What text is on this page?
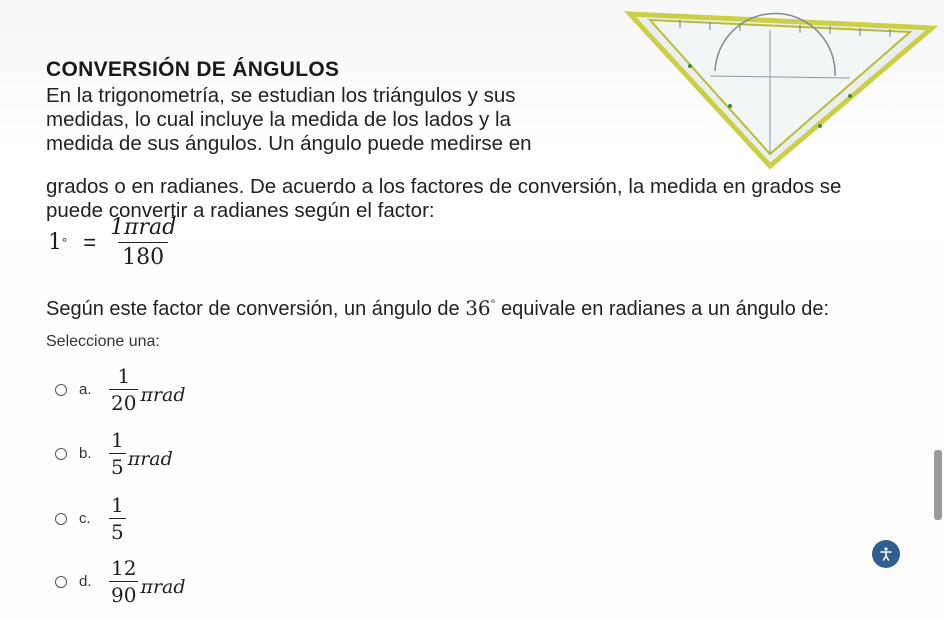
CONVERSIÓN DE ÁNGULOS
En la trigonometría, se estudian los triángulos y sus
medidas, lo cual incluye la medida de los lados y la
medida de sus ángulos. Un ángulo puede medirse en
grados o en radianes. De acuerdo a los factores de conversión, la medida en grados se
puede convertir a radianes según el factor:
1 ° = $\frac{\text{1πrad}}{180}$
Según este factor de conversión, un ángulo de 36° equivale en radianes a un ángulo de:
Seleccione una:
a. $\frac{1}{20}$ πrad
b. $\frac{1}{5}$ πrad
c. $\frac{1}{5}$
d. $\frac{12}{90}$ πrad
